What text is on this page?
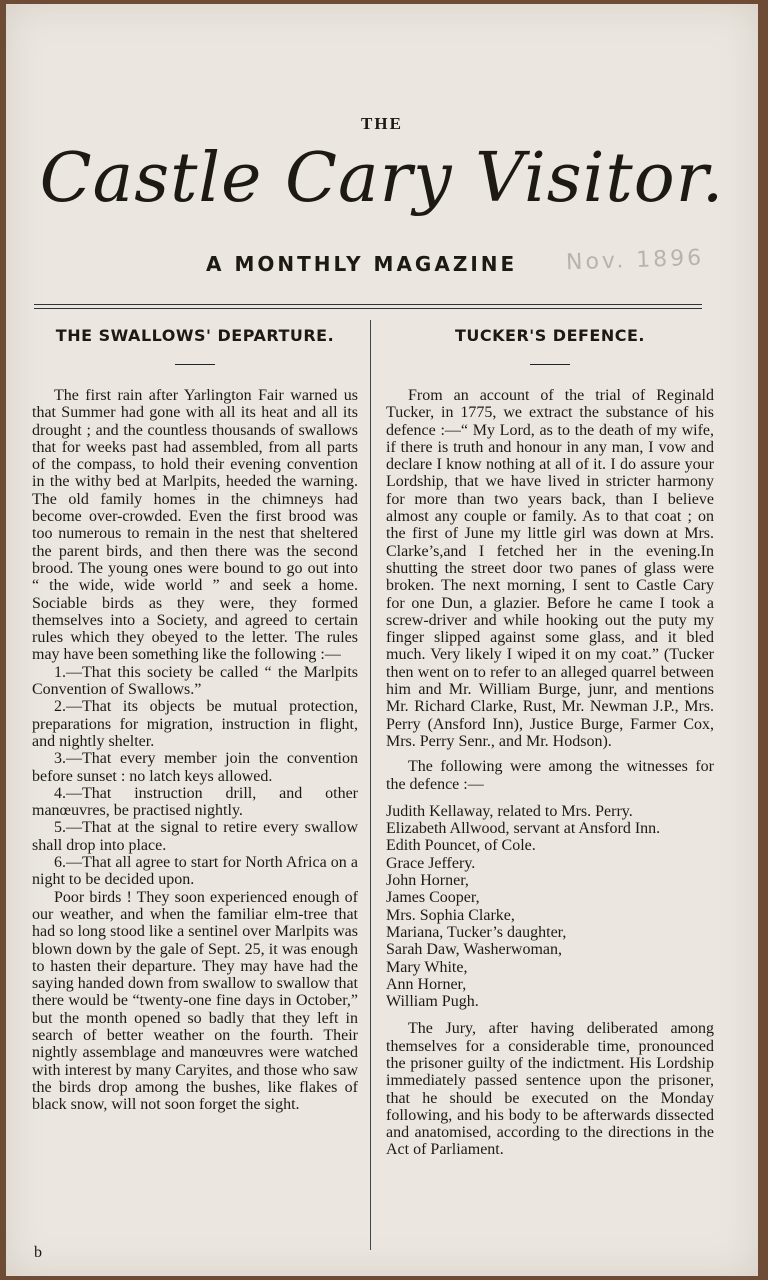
THE
Castle Cary Visitor.
A MONTHLY MAGAZINE Nov. 1896
THE SWALLOWS' DEPARTURE.

The first rain after Yarlington Fair warned us that Summer had gone with all its heat and all its drought ; and the countless thousands of swallows that for weeks past had assembled, from all parts of the compass, to hold their evening convention in the withy bed at Marlpits, heeded the warning. The old family homes in the chimneys had become over-crowded. Even the first brood was too numerous to remain in the nest that sheltered the parent birds, and then there was the second brood. The young ones were bound to go out into “ the wide, wide world ” and seek a home. Sociable birds as they were, they formed themselves into a Society, and agreed to certain rules which they obeyed to the letter. The rules may have been something like the following :—

1.—That this society be called “ the Marlpits Convention of Swallows.”

2.—That its objects be mutual protection, preparations for migration, instruction in flight, and nightly shelter.

3.—That every member join the convention before sunset : no latch keys allowed.

4.—That instruction drill, and other manœuvres, be practised nightly.

5.—That at the signal to retire every swallow shall drop into place.

6.—That all agree to start for North Africa on a night to be decided upon.

Poor birds ! They soon experienced enough of our weather, and when the familiar elm-tree that had so long stood like a sentinel over Marlpits was blown down by the gale of Sept. 25, it was enough to hasten their departure. They may have had the saying handed down from swallow to swallow that there would be “twenty-one fine days in October,” but the month opened so badly that they left in search of better weather on the fourth. Their nightly assemblage and manœuvres were watched with interest by many Caryites, and those who saw the birds drop among the bushes, like flakes of black snow, will not soon forget the sight.

b
TUCKER'S DEFENCE.

From an account of the trial of Reginald Tucker, in 1775, we extract the substance of his defence :—“ My Lord, as to the death of my wife, if there is truth and honour in any man, I vow and declare I know nothing at all of it. I do assure your Lordship, that we have lived in stricter harmony for more than two years back, than I believe almost any couple or family. As to that coat ; on the first of June my little girl was down at Mrs. Clarke’s,and I fetched her in the evening.In shutting the street door two panes of glass were broken. The next morning, I sent to Castle Cary for one Dun, a glazier. Before he came I took a screw-driver and while hooking out the puty my finger slipped against some glass, and it bled much. Very likely I wiped it on my coat.” (Tucker then went on to refer to an alleged quarrel between him and Mr. William Burge, junr, and mentions Mr. Richard Clarke, Rust, Mr. Newman J.P., Mrs. Perry (Ansford Inn), Justice Burge, Farmer Cox, Mrs. Perry Senr., and Mr. Hodson).

The following were among the witnesses for the defence :—

Judith Kellaway, related to Mrs. Perry.
Elizabeth Allwood, servant at Ansford Inn.
Edith Pouncet, of Cole.
Grace Jeffery.
John Horner,
James Cooper,
Mrs. Sophia Clarke,
Mariana, Tucker’s daughter,
Sarah Daw, Washerwoman,
Mary White,
Ann Horner,
William Pugh.

The Jury, after having deliberated among themselves for a considerable time, pronounced the prisoner guilty of the indictment. His Lordship immediately passed sentence upon the prisoner, that he should be executed on the Monday following, and his body to be afterwards dissected and anatomised, according to the directions in the Act of Parliament.
